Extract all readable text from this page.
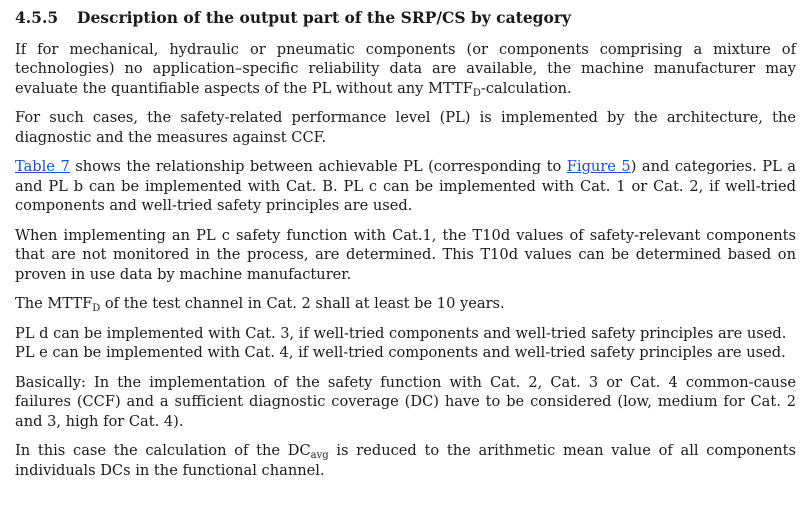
4.5.5 Description of the output part of the SRP/CS by category

If for mechanical, hydraulic or pneumatic components (or components comprising a mixture of technologies) no application–specific reliability data are available, the machine manufacturer may evaluate the quantifiable aspects of the PL without any $MTTF_D$-calculation.

For such cases, the safety-related performance level (PL) is implemented by the architecture, the diagnostic and the measures against CCF.

Table 7 shows the relationship between achievable PL (corresponding to Figure 5) and categories. PL a and PL b can be implemented with Cat. B. PL c can be implemented with Cat. 1 or Cat. 2, if well-tried components and well-tried safety principles are used.

When implementing an PL c safety function with Cat.1, the T10d values of safety-relevant components that are not monitored in the process, are determined. This T10d values can be determined based on proven in use data by machine manufacturer.

The $MTTF_D$ of the test channel in Cat. 2 shall at least be 10 years.

PL d can be implemented with Cat. 3, if well-tried components and well-tried safety principles are used.
PL e can be implemented with Cat. 4, if well-tried components and well-tried safety principles are used.

Basically: In the implementation of the safety function with Cat. 2, Cat. 3 or Cat. 4 common-cause failures (CCF) and a sufficient diagnostic coverage (DC) have to be considered (low, medium for Cat. 2 and 3, high for Cat. 4).

In this case the calculation of the $DC_{avg}$ is reduced to the arithmetic mean value of all components individuals DCs in the functional channel.
